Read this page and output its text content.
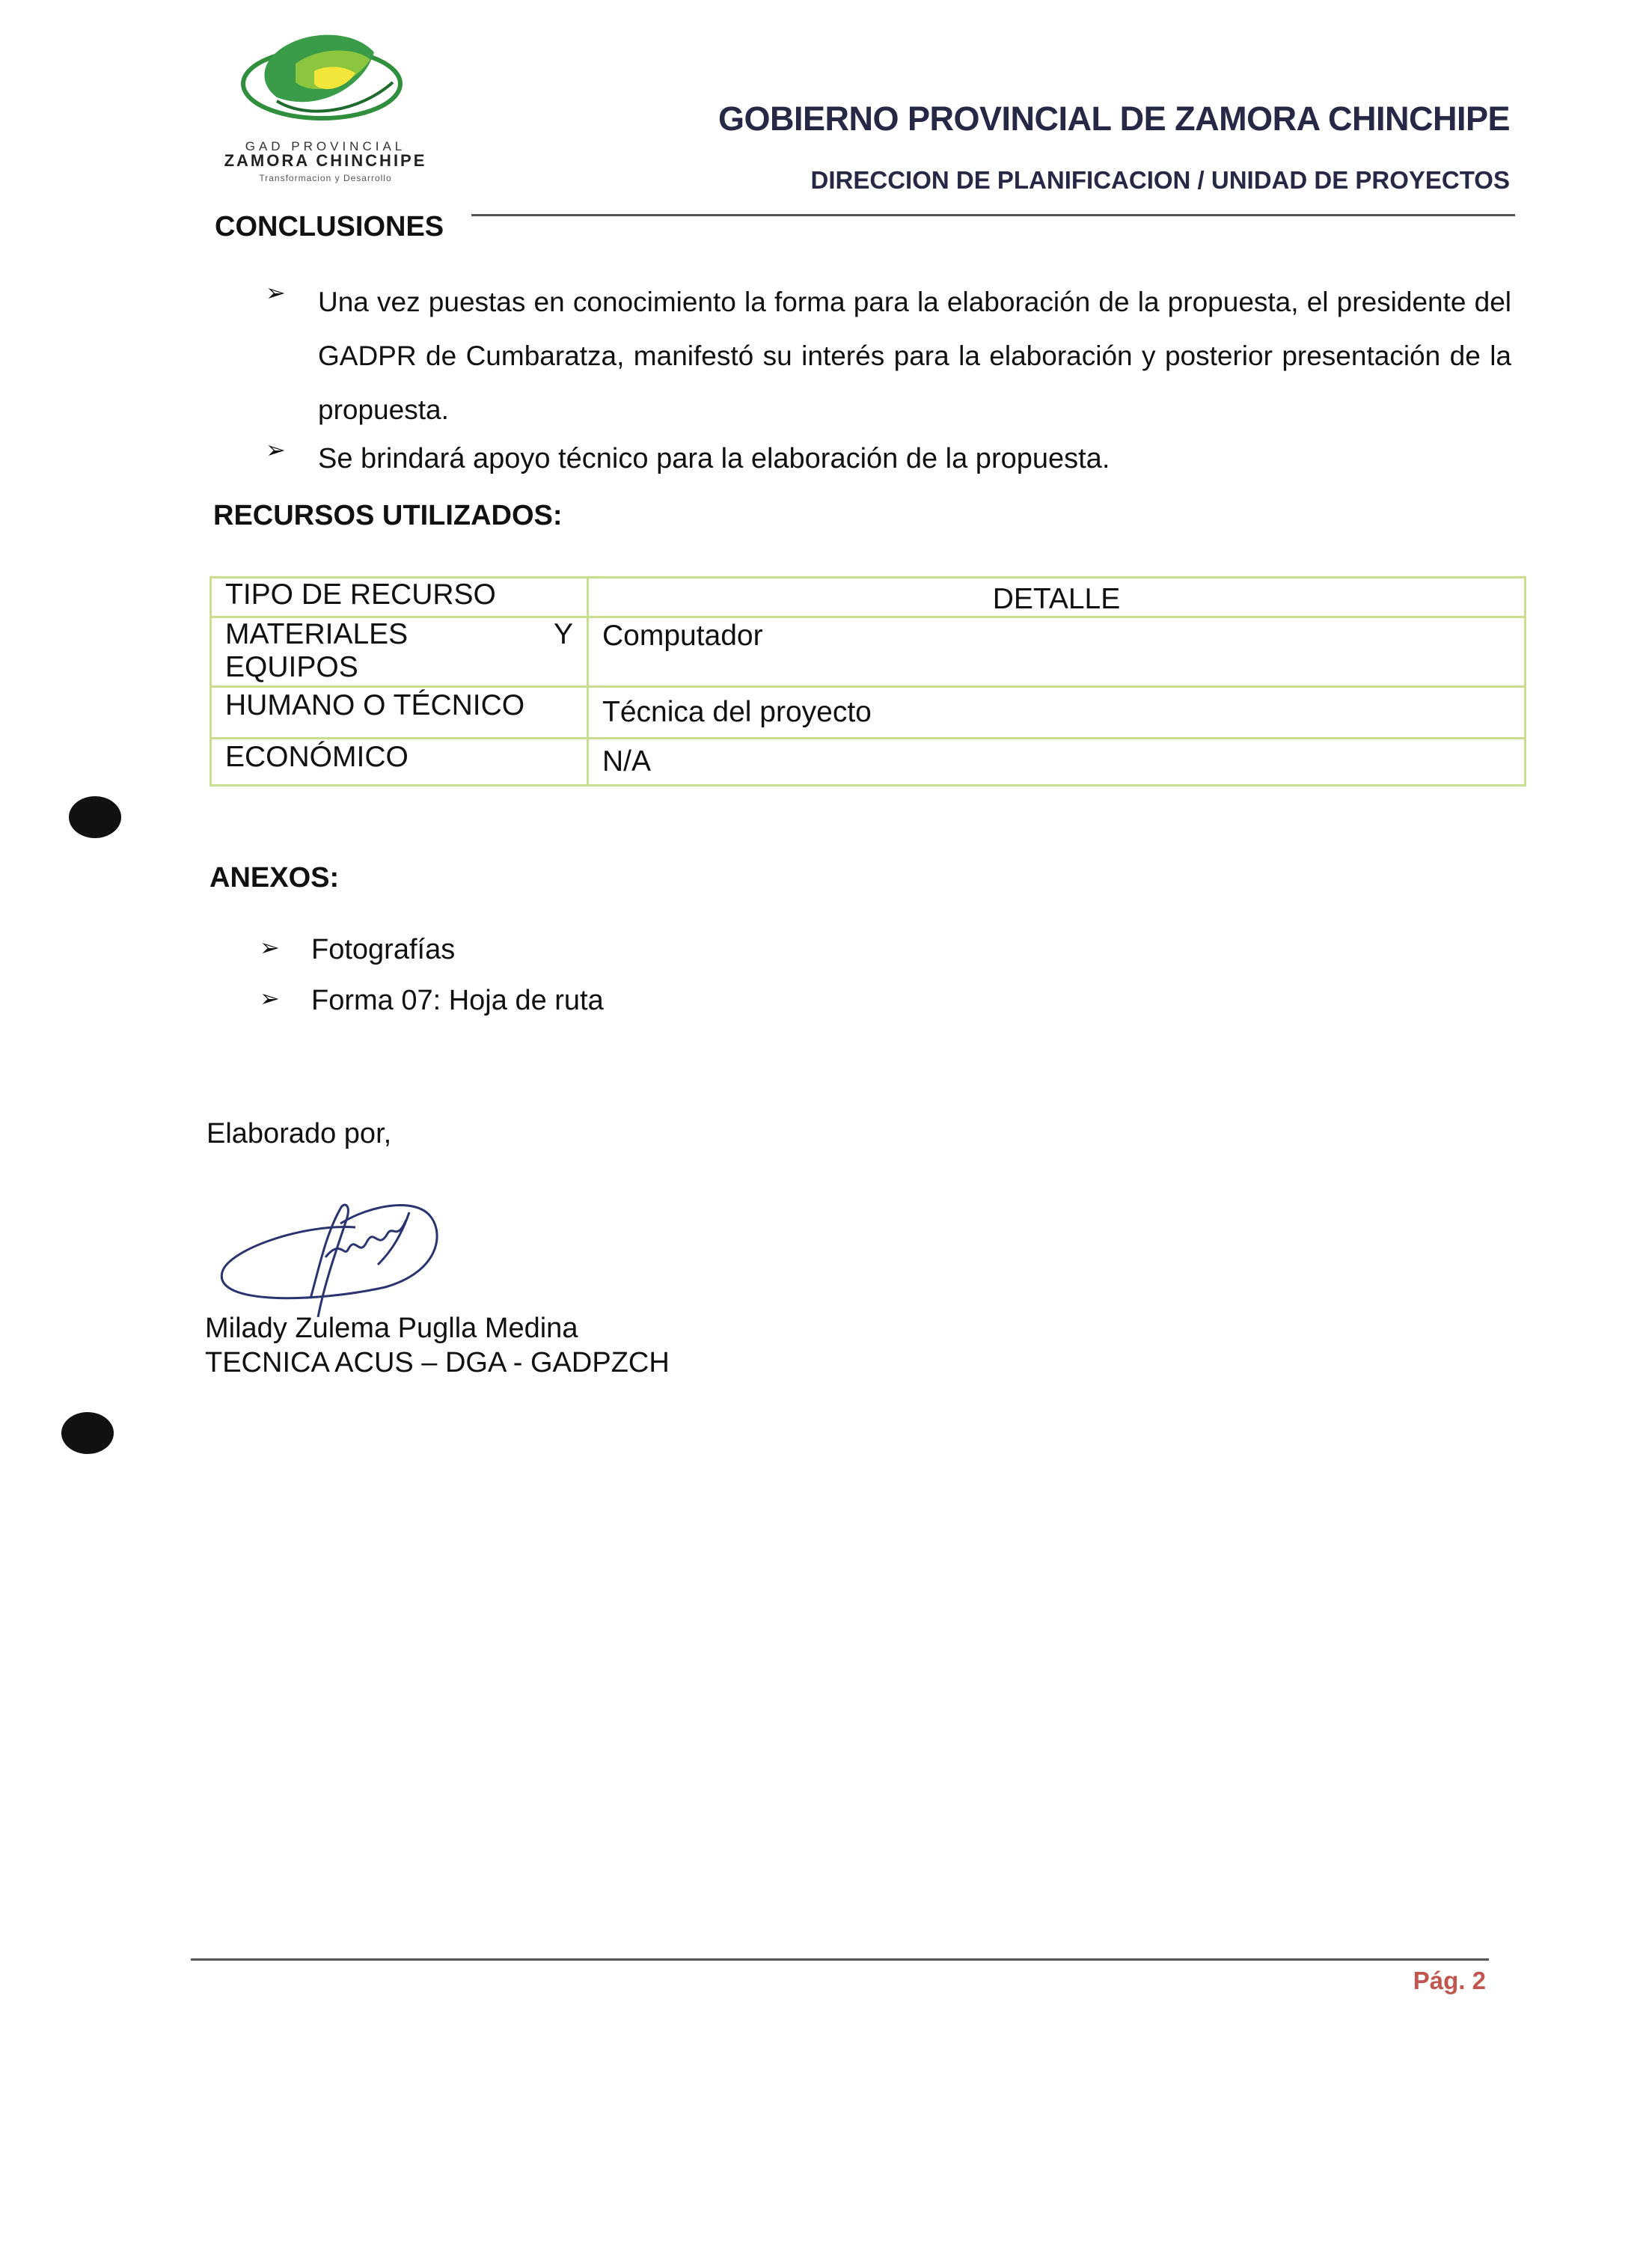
GAD PROVINCIAL
ZAMORA CHINCHIPE
Transformacion y Desarrollo
GOBIERNO PROVINCIAL DE ZAMORA CHINCHIPE
DIRECCION DE PLANIFICACION / UNIDAD DE PROYECTOS
CONCLUSIONES
➢ Una vez puestas en conocimiento la forma para la elaboración de la propuesta, el presidente del GADPR de Cumbaratza, manifestó su interés para la elaboración y posterior presentación de la propuesta.
➢ Se brindará apoyo técnico para la elaboración de la propuesta.
RECURSOS UTILIZADOS:
TIPO DE RECURSO	DETALLE

MATERIALES Y
EQUIPOS	Computador
HUMANO O TÉCNICO	Técnica del proyecto
ECONÓMICO	N/A
ANEXOS:
➢ Fotografías
➢ Forma 07: Hoja de ruta
Elaborado por,
Milady Zulema Puglla Medina
TECNICA ACUS – DGA - GADPZCH
Pág. 2
